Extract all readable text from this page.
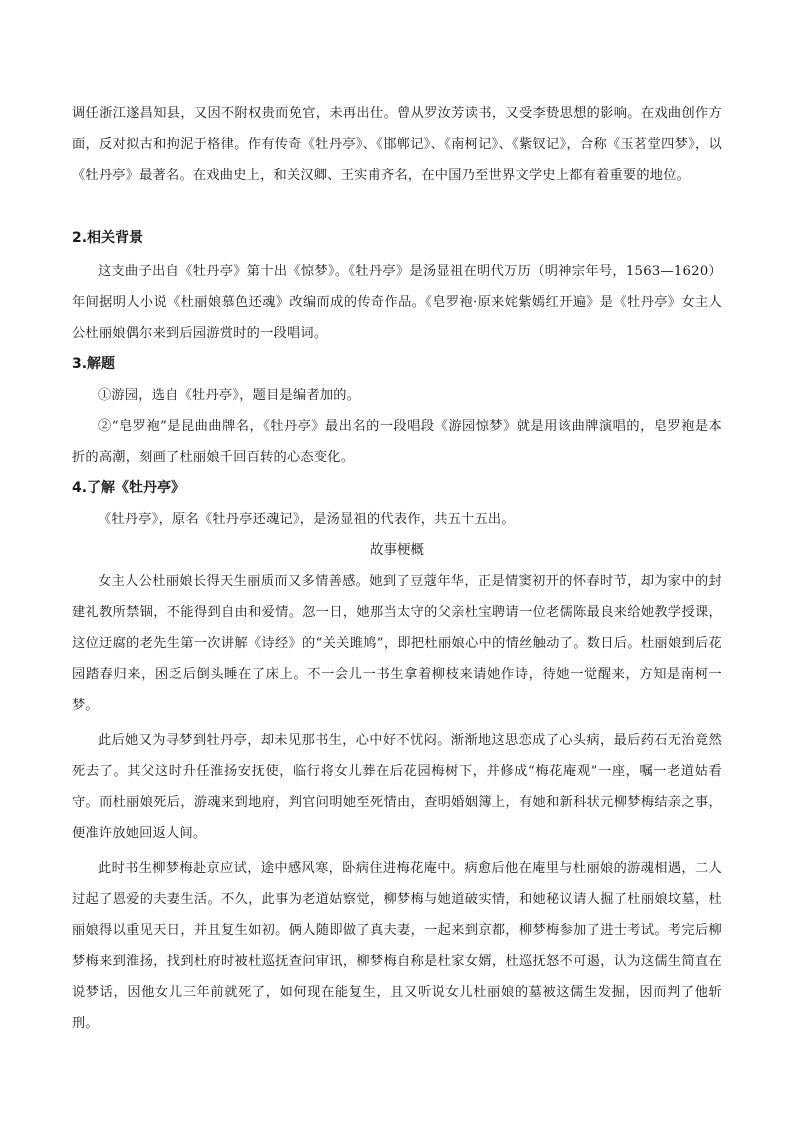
调任浙江遂昌知县，又因不附权贵而免官，未再出仕。曾从罗汝芳读书，又受李贽思想的影响。在戏曲创作方面，反对拟古和拘泥于格律。作有传奇《牡丹亭》、《邯郸记》、《南柯记》、《紫钗记》，合称《玉茗堂四梦》，以《牡丹亭》最著名。在戏曲史上，和关汉卿、王实甫齐名，在中国乃至世界文学史上都有着重要的地位。

2.相关背景

这支曲子出自《牡丹亭》第十出《惊梦》。《牡丹亭》是汤显祖在明代万历（明神宗年号，1563—1620）年间据明人小说《杜丽娘慕色还魂》改编而成的传奇作品。《皂罗袍·原来姹紫嫣红开遍》是《牡丹亭》女主人公杜丽娘偶尔来到后园游赏时的一段唱词。

3.解题

①游园，选自《牡丹亭》，题目是编者加的。

②“皂罗袍”是昆曲曲牌名，《牡丹亭》最出名的一段唱段《游园惊梦》就是用该曲牌演唱的，皂罗袍是本折的高潮，刻画了杜丽娘千回百转的心态变化。

4.了解《牡丹亭》

《牡丹亭》，原名《牡丹亭还魂记》，是汤显祖的代表作，共五十五出。

故事梗概

女主人公杜丽娘长得天生丽质而又多情善感。她到了豆蔻年华，正是情窦初开的怀春时节，却为家中的封建礼教所禁锢，不能得到自由和爱情。忽一日，她那当太守的父亲杜宝聘请一位老儒陈最良来给她教学授课，这位迂腐的老先生第一次讲解《诗经》的“关关雎鸠”，即把杜丽娘心中的情丝触动了。数日后。杜丽娘到后花园踏春归来，困乏后倒头睡在了床上。不一会儿一书生拿着柳枝来请她作诗，待她一觉醒来，方知是南柯一梦。

此后她又为寻梦到牡丹亭，却未见那书生，心中好不忧闷。渐渐地这思恋成了心头病，最后药石无治竟然死去了。其父这时升任淮扬安抚使，临行将女儿葬在后花园梅树下，并修成“梅花庵观”一座，嘱一老道姑看守。而杜丽娘死后，游魂来到地府，判官问明她至死情由，查明婚姻簿上，有她和新科状元柳梦梅结亲之事，便准许放她回返人间。

此时书生柳梦梅赴京应试，途中感风寒，卧病住进梅花庵中。病愈后他在庵里与杜丽娘的游魂相遇，二人过起了恩爱的夫妻生活。不久，此事为老道姑察觉，柳梦梅与她道破实情，和她秘议请人掘了杜丽娘坟墓，杜丽娘得以重见天日，并且复生如初。俩人随即做了真夫妻，一起来到京都，柳梦梅参加了进士考试。考完后柳梦梅来到淮扬，找到杜府时被杜巡抚查问审讯，柳梦梅自称是杜家女婿，杜巡抚怒不可遏，认为这儒生简直在说梦话，因他女儿三年前就死了，如何现在能复生，且又听说女儿杜丽娘的墓被这儒生发掘，因而判了他斩刑。
